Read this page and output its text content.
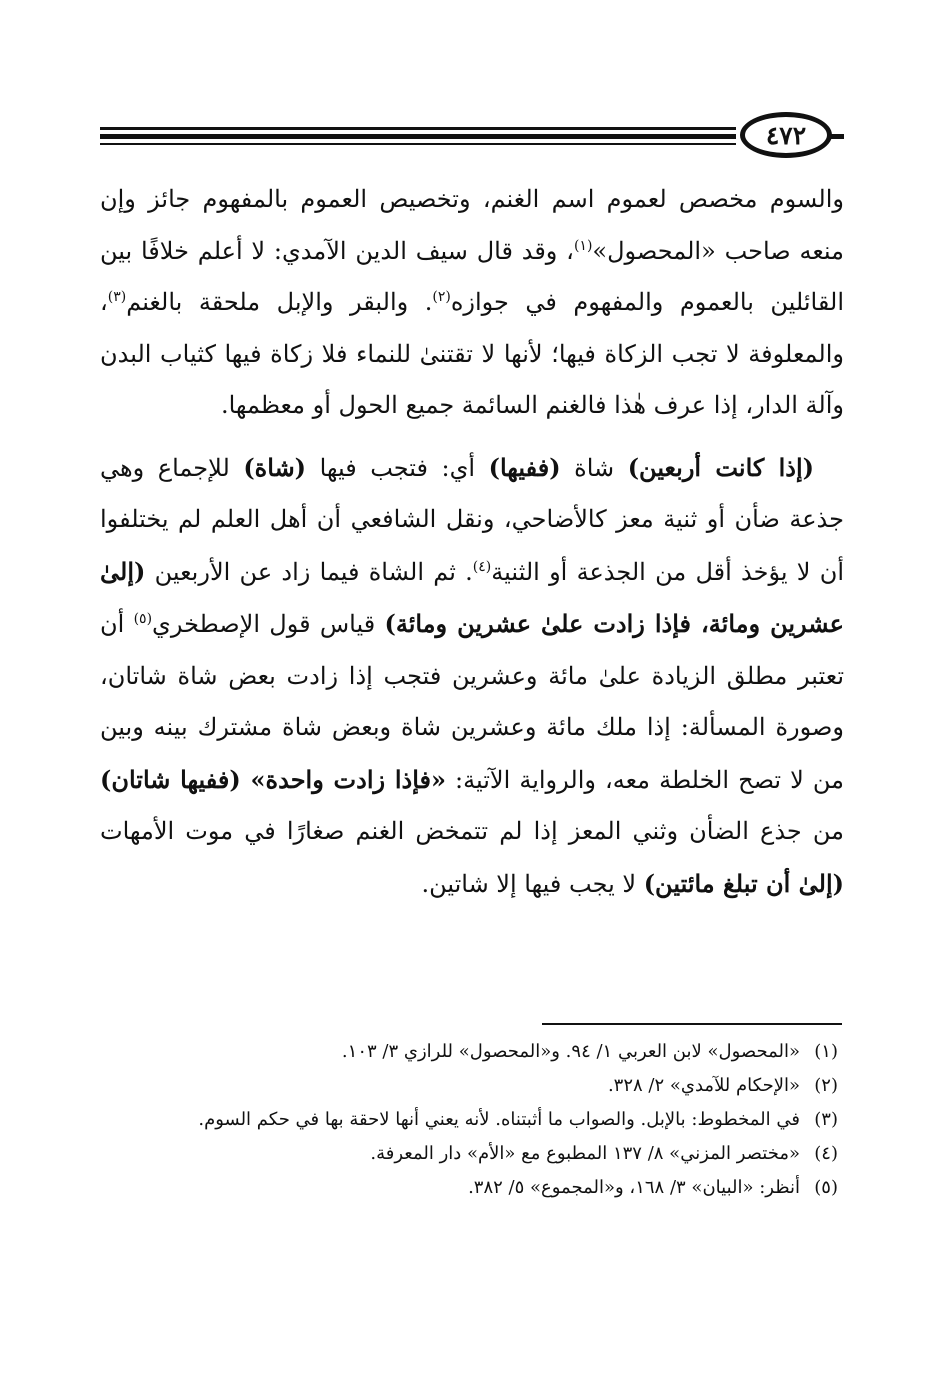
٤٧٢

والسوم مخصص لعموم اسم الغنم، وتخصيص العموم بالمفهوم جائز وإن منعه صاحب «المحصول»$^{(١)}$، وقد قال سيف الدين الآمدي: لا أعلم خلافًا بين القائلين بالعموم والمفهوم في جوازه$^{(٢)}$. والبقر والإبل ملحقة بالغنم$^{(٣)}$، والمعلوفة لا تجب الزكاة فيها؛ لأنها لا تقتنىٰ للنماء فلا زكاة فيها كثياب البدن وآلة الدار، إذا عرف هٰذا فالغنم السائمة جميع الحول أو معظمها.

(إذا كانت أربعين) شاة (ففيها) أي: فتجب فيها (شاة) للإجماع وهي جذعة ضأن أو ثنية معز كالأضاحي، ونقل الشافعي أن أهل العلم لم يختلفوا أن لا يؤخذ أقل من الجذعة أو الثنية$^{(٤)}$. ثم الشاة فيما زاد عن الأربعين (إلىٰ عشرين ومائة، فإذا زادت علىٰ عشرين ومائة) قياس قول الإصطخري$^{(٥)}$ أن تعتبر مطلق الزيادة علىٰ مائة وعشرين فتجب إذا زادت بعض شاة شاتان، وصورة المسألة: إذا ملك مائة وعشرين شاة وبعض شاة مشترك بينه وبين من لا تصح الخلطة معه، والرواية الآتية: «فإذا زادت واحدة» (ففيها شاتان) من جذع الضأن وثني المعز إذا لم تتمخض الغنم صغارًا في موت الأمهات (إلىٰ أن تبلغ مائتين) لا يجب فيها إلا شاتين.

(١)
«المحصول» لابن العربي ١/ ٩٤. و«المحصول» للرازي ٣/ ١٠٣.
(٢)
«الإحكام للآمدي» ٢/ ٣٢٨.
(٣)
في المخطوط: بالإبل. والصواب ما أثبتناه. لأنه يعني أنها لاحقة بها في حكم السوم.
(٤)
«مختصر المزني» ٨/ ١٣٧ المطبوع مع «الأم» دار المعرفة.
(٥)
أنظر: «البيان» ٣/ ١٦٨، و«المجموع» ٥/ ٣٨٢.
